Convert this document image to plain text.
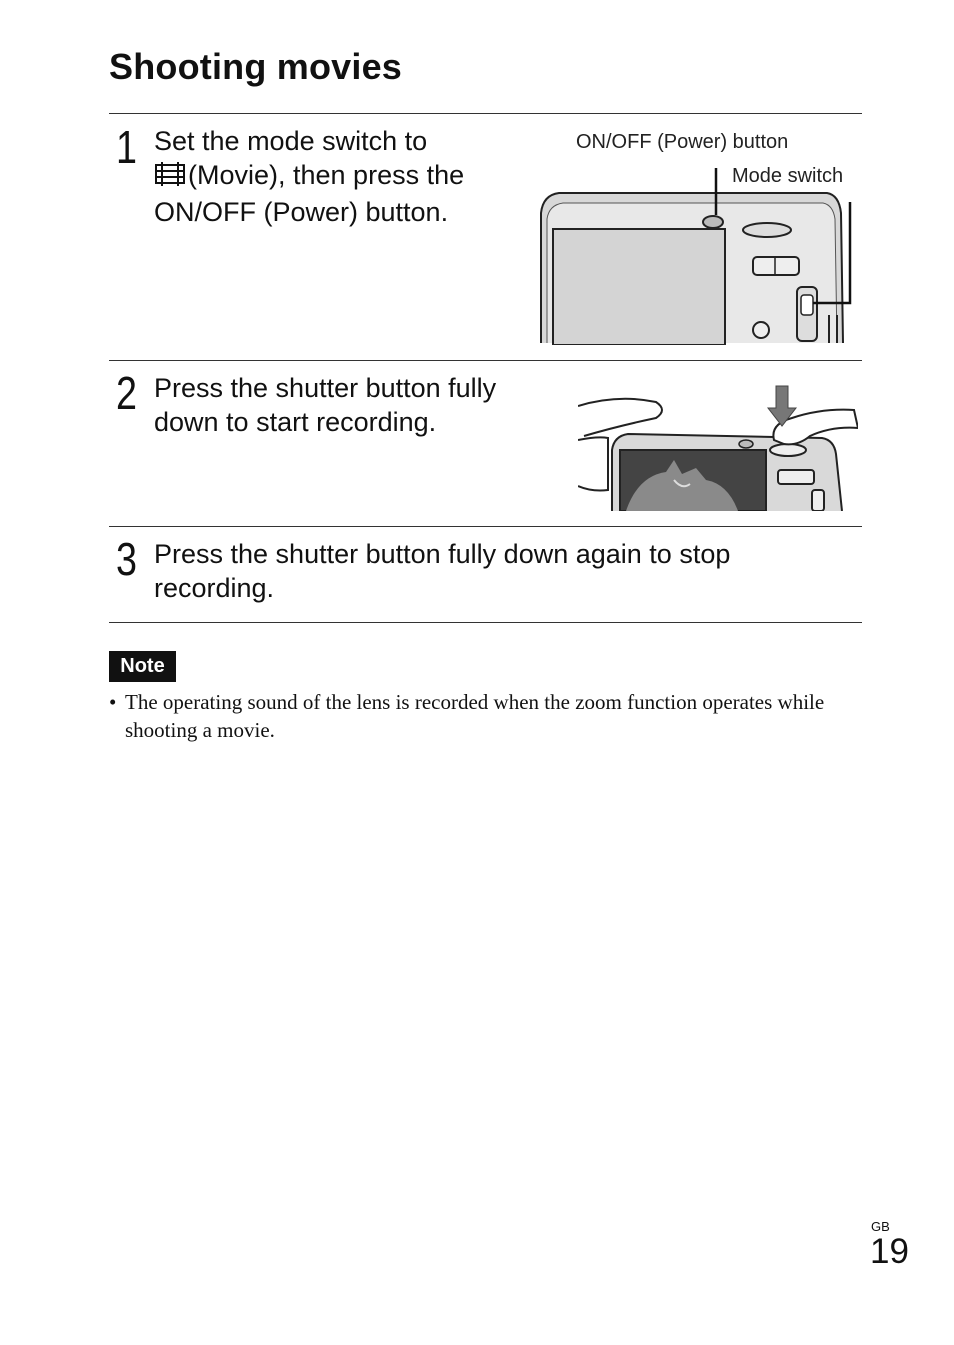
Shooting movies
1 Set the mode switch to
(Movie), then press the
ON/OFF (Power) button.
ON/OFF (Power) button
Mode switch
2 Press the shutter button fully
down to start recording.
3 Press the shutter button fully down again to stop
recording.
Note
• The operating sound of the lens is recorded when the zoom function operates while shooting a movie.
GB
19
